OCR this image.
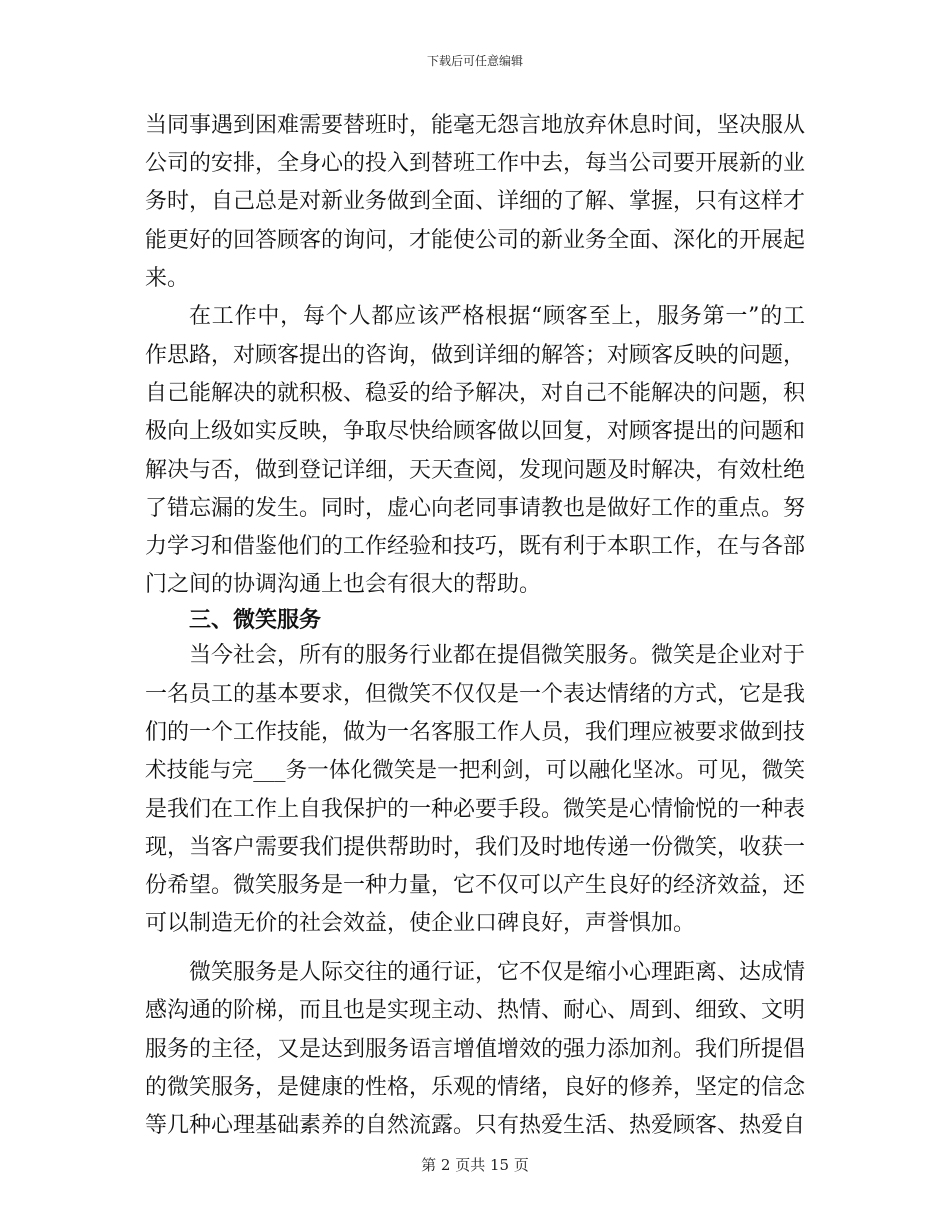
下载后可任意编辑
当同事遇到困难需要替班时，能毫无怨言地放弃休息时间，坚决服从
公司的安排，全身心的投入到替班工作中去，每当公司要开展新的业
务时，自己总是对新业务做到全面、详细的了解、掌握，只有这样才
能更好的回答顾客的询问，才能使公司的新业务全面、深化的开展起
来。
在工作中，每个人都应该严格根据“顾客至上，服务第一”的工
作思路，对顾客提出的咨询，做到详细的解答；对顾客反映的问题，
自己能解决的就积极、稳妥的给予解决，对自己不能解决的问题，积
极向上级如实反映，争取尽快给顾客做以回复，对顾客提出的问题和
解决与否，做到登记详细，天天查阅，发现问题及时解决，有效杜绝
了错忘漏的发生。同时，虚心向老同事请教也是做好工作的重点。努
力学习和借鉴他们的工作经验和技巧，既有利于本职工作，在与各部
门之间的协调沟通上也会有很大的帮助。
三、微笑服务
当今社会，所有的服务行业都在提倡微笑服务。微笑是企业对于
一名员工的基本要求，但微笑不仅仅是一个表达情绪的方式，它是我
们的一个工作技能，做为一名客服工作人员，我们理应被要求做到技
术技能与完___务一体化微笑是一把利剑，可以融化坚冰。可见，微笑
是我们在工作上自我保护的一种必要手段。微笑是心情愉悦的一种表
现，当客户需要我们提供帮助时，我们及时地传递一份微笑，收获一
份希望。微笑服务是一种力量，它不仅可以产生良好的经济效益，还
可以制造无价的社会效益，使企业口碑良好，声誉惧加。
微笑服务是人际交往的通行证，它不仅是缩小心理距离、达成情
感沟通的阶梯，而且也是实现主动、热情、耐心、周到、细致、文明
服务的主径，又是达到服务语言增值增效的强力添加剂。我们所提倡
的微笑服务，是健康的性格，乐观的情绪，良好的修养，坚定的信念
等几种心理基础素养的自然流露。只有热爱生活、热爱顾客、热爱自
第 2 页共 15 页
